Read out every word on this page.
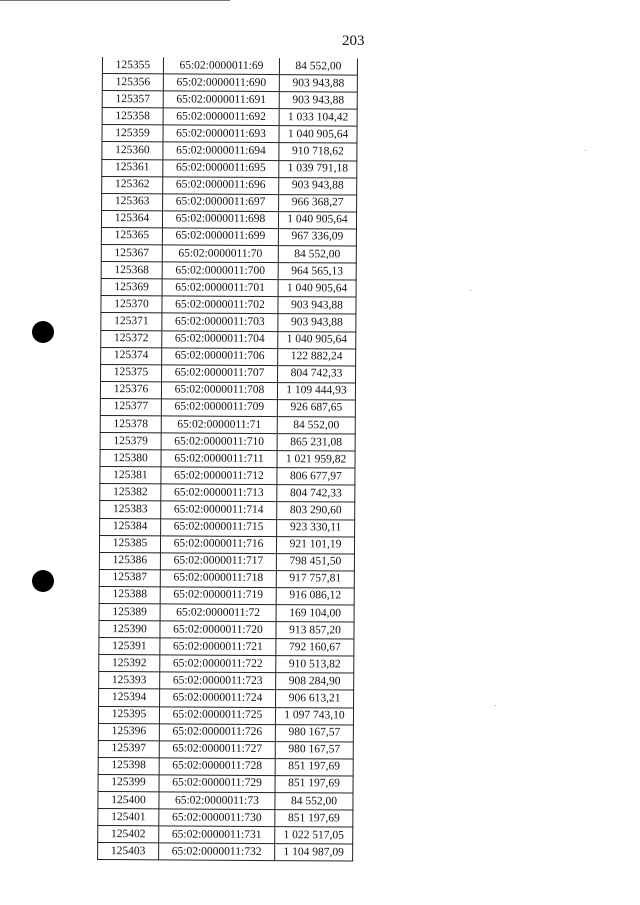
203
125355	65:02:0000011:69	84 552,00
125356	65:02:0000011:690	903 943,88
125357	65:02:0000011:691	903 943,88
125358	65:02:0000011:692	1 033 104,42
125359	65:02:0000011:693	1 040 905,64
125360	65:02:0000011:694	910 718,62
125361	65:02:0000011:695	1 039 791,18
125362	65:02:0000011:696	903 943,88
125363	65:02:0000011:697	966 368,27
125364	65:02:0000011:698	1 040 905,64
125365	65:02:0000011:699	967 336,09
125367	65:02:0000011:70	84 552,00
125368	65:02:0000011:700	964 565,13
125369	65:02:0000011:701	1 040 905,64
125370	65:02:0000011:702	903 943,88
125371	65:02:0000011:703	903 943,88
125372	65:02:0000011:704	1 040 905,64
125374	65:02:0000011:706	122 882,24
125375	65:02:0000011:707	804 742,33
125376	65:02:0000011:708	1 109 444,93
125377	65:02:0000011:709	926 687,65
125378	65:02:0000011:71	84 552,00
125379	65:02:0000011:710	865 231,08
125380	65:02:0000011:711	1 021 959,82
125381	65:02:0000011:712	806 677,97
125382	65:02:0000011:713	804 742,33
125383	65:02:0000011:714	803 290,60
125384	65:02:0000011:715	923 330,11
125385	65:02:0000011:716	921 101,19
125386	65:02:0000011:717	798 451,50
125387	65:02:0000011:718	917 757,81
125388	65:02:0000011:719	916 086,12
125389	65:02:0000011:72	169 104,00
125390	65:02:0000011:720	913 857,20
125391	65:02:0000011:721	792 160,67
125392	65:02:0000011:722	910 513,82
125393	65:02:0000011:723	908 284,90
125394	65:02:0000011:724	906 613,21
125395	65:02:0000011:725	1 097 743,10
125396	65:02:0000011:726	980 167,57
125397	65:02:0000011:727	980 167,57
125398	65:02:0000011:728	851 197,69
125399	65:02:0000011:729	851 197,69
125400	65:02:0000011:73	84 552,00
125401	65:02:0000011:730	851 197,69
125402	65:02:0000011:731	1 022 517,05
125403	65:02:0000011:732	1 104 987,09
